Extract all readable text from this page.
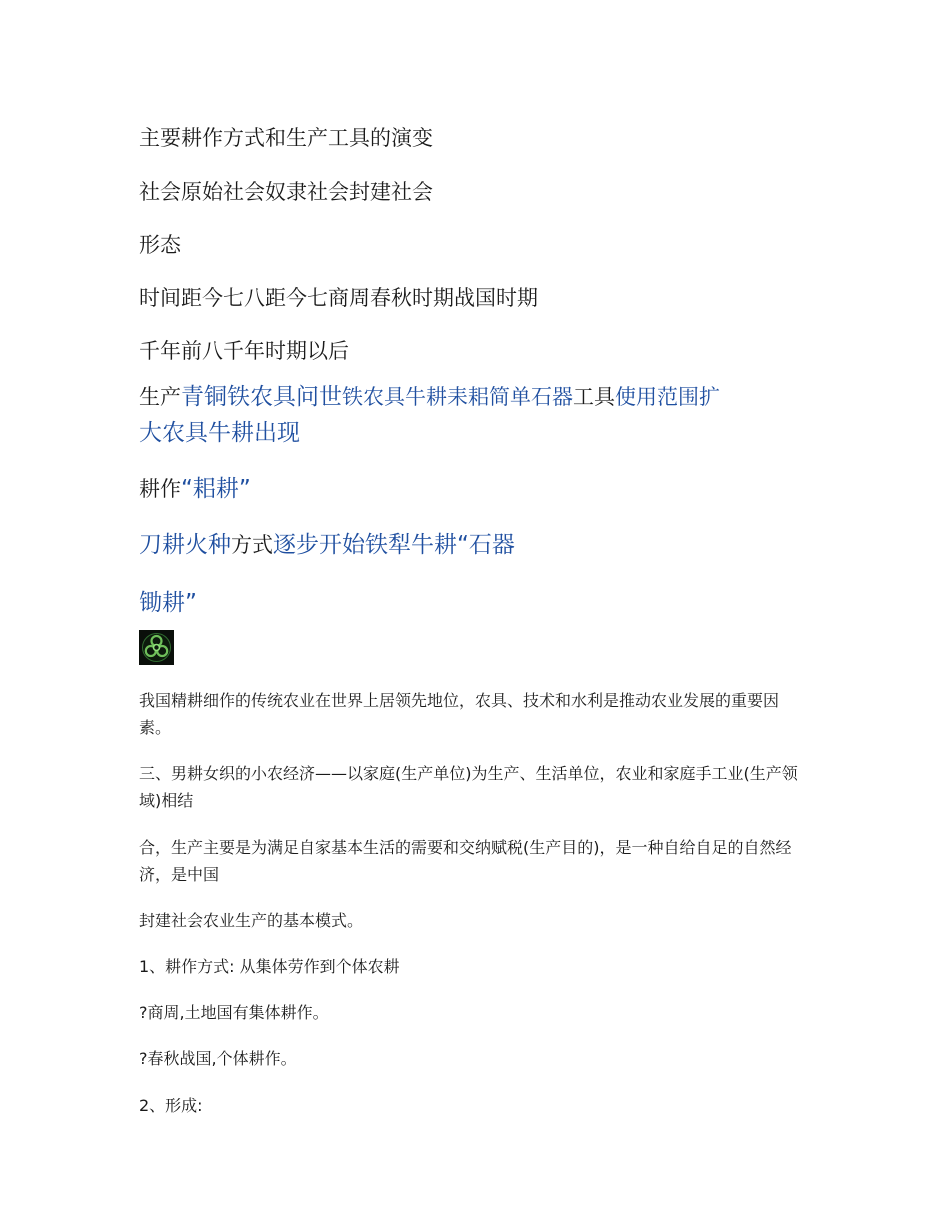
主要耕作方式和生产工具的演变
社会原始社会奴隶社会封建社会
形态
时间距今七八距今七商周春秋时期战国时期
千年前八千年时期以后
生产青铜铁农具问世铁农具牛耕耒耜简单石器工具使用范围扩
大农具牛耕出现
耕作“耜耕”
刀耕火种方式逐步开始铁犁牛耕“石器
锄耕”
我国精耕细作的传统农业在世界上居领先地位，农具、技术和水利是推动农业发展的重要因素。
三、男耕女织的小农经济——以家庭(生产单位)为生产、生活单位，农业和家庭手工业(生产领域)相结
合，生产主要是为满足自家基本生活的需要和交纳赋税(生产目的)，是一种自给自足的自然经济，是中国
封建社会农业生产的基本模式。
1、耕作方式: 从集体劳作到个体农耕
?商周,土地国有集体耕作。
?春秋战国,个体耕作。
2、形成:
